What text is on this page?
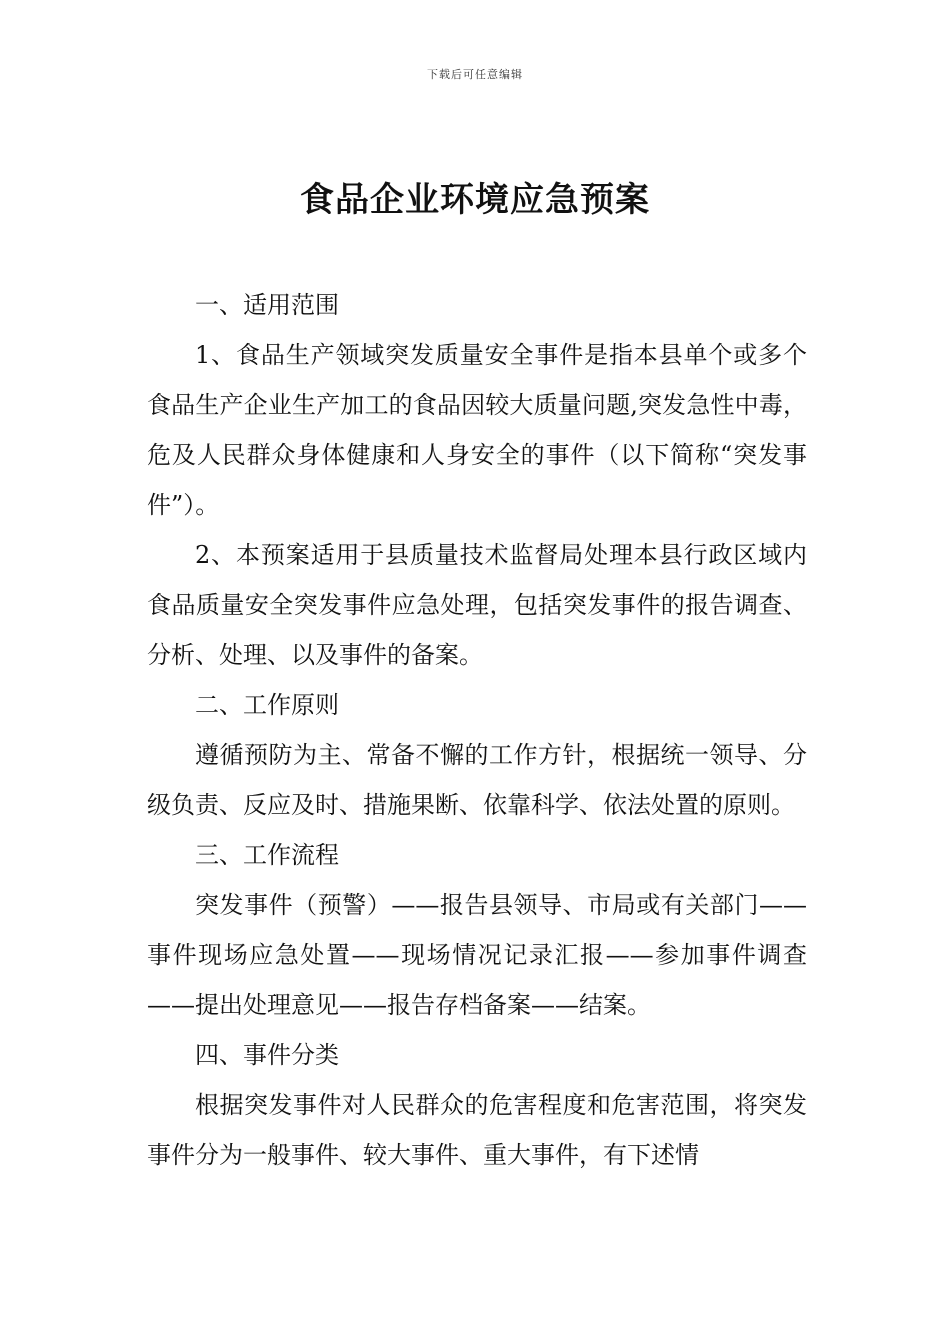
下载后可任意编辑
食品企业环境应急预案

一、适用范围

1、食品生产领域突发质量安全事件是指本县单个或多个食品生产企业生产加工的食品因较大质量问题,突发急性中毒，危及人民群众身体健康和人身安全的事件（以下简称“突发事件”）。

2、本预案适用于县质量技术监督局处理本县行政区域内食品质量安全突发事件应急处理，包括突发事件的报告调查、分析、处理、以及事件的备案。

二、工作原则

遵循预防为主、常备不懈的工作方针，根据统一领导、分级负责、反应及时、措施果断、依靠科学、依法处置的原则。

三、工作流程

突发事件（预警）——报告县领导、市局或有关部门——事件现场应急处置——现场情况记录汇报——参加事件调查——提出处理意见——报告存档备案——结案。

四、事件分类

根据突发事件对人民群众的危害程度和危害范围，将突发事件分为一般事件、较大事件、重大事件，有下述情
